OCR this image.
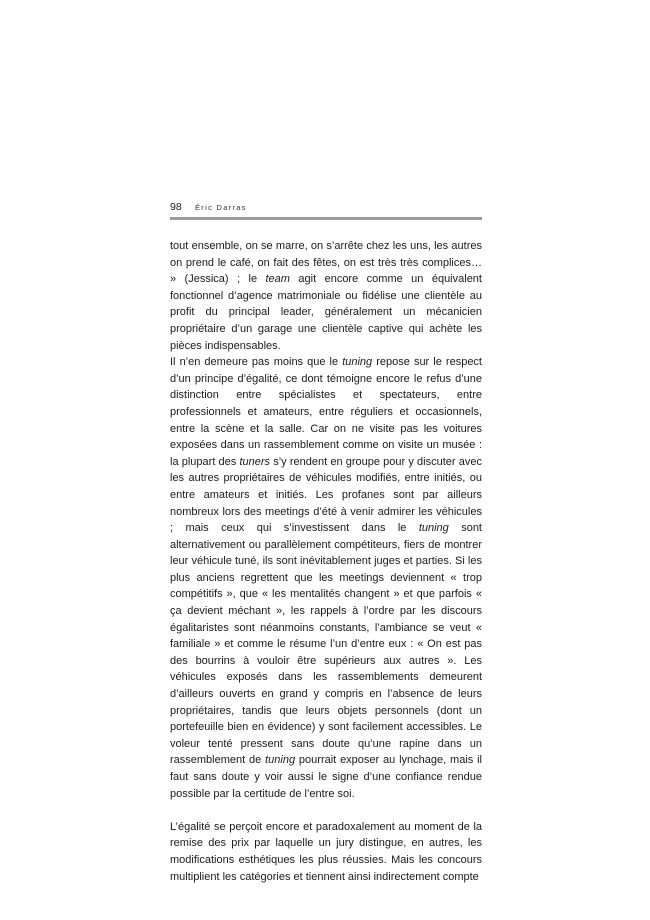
98 Éric Darras

tout ensemble, on se marre, on s’arrête chez les uns, les autres on prend le café, on fait des fêtes, on est très très complices… » (Jessica) ; le team agit encore comme un équivalent fonctionnel d’agence matrimoniale ou fidélise une clientèle au profit du principal leader, généralement un mécanicien propriétaire d’un garage une clientèle captive qui achète les pièces indispensables.

Il n’en demeure pas moins que le tuning repose sur le respect d’un principe d’égalité, ce dont témoigne encore le refus d’une distinction entre spécialistes et spectateurs, entre professionnels et amateurs, entre réguliers et occasionnels, entre la scène et la salle. Car on ne visite pas les voitures exposées dans un rassemblement comme on visite un musée : la plupart des tuners s’y rendent en groupe pour y discuter avec les autres propriétaires de véhicules modifiés, entre initiés, ou entre amateurs et initiés. Les profanes sont par ailleurs nombreux lors des meetings d’été à venir admirer les véhicules ; mais ceux qui s’investissent dans le tuning sont alternativement ou parallèlement compétiteurs, fiers de montrer leur véhicule tuné, ils sont inévitablement juges et parties. Si les plus anciens regrettent que les meetings deviennent « trop compétitifs », que « les mentalités changent » et que parfois « ça devient méchant », les rappels à l’ordre par les discours égalitaristes sont néanmoins constants, l’ambiance se veut « familiale » et comme le résume l’un d’entre eux : « On est pas des bourrins à vouloir être supérieurs aux autres ». Les véhicules exposés dans les rassemblements demeurent d’ailleurs ouverts en grand y compris en l’absence de leurs propriétaires, tandis que leurs objets personnels (dont un portefeuille bien en évidence) y sont facilement accessibles. Le voleur tenté pressent sans doute qu’une rapine dans un rassemblement de tuning pourrait exposer au lynchage, mais il faut sans doute y voir aussi le signe d’une confiance rendue possible par la certitude de l’entre soi.

L’égalité se perçoit encore et paradoxalement au moment de la remise des prix par laquelle un jury distingue, en autres, les modifications esthétiques les plus réussies. Mais les concours multiplient les catégories et tiennent ainsi indirectement compte
